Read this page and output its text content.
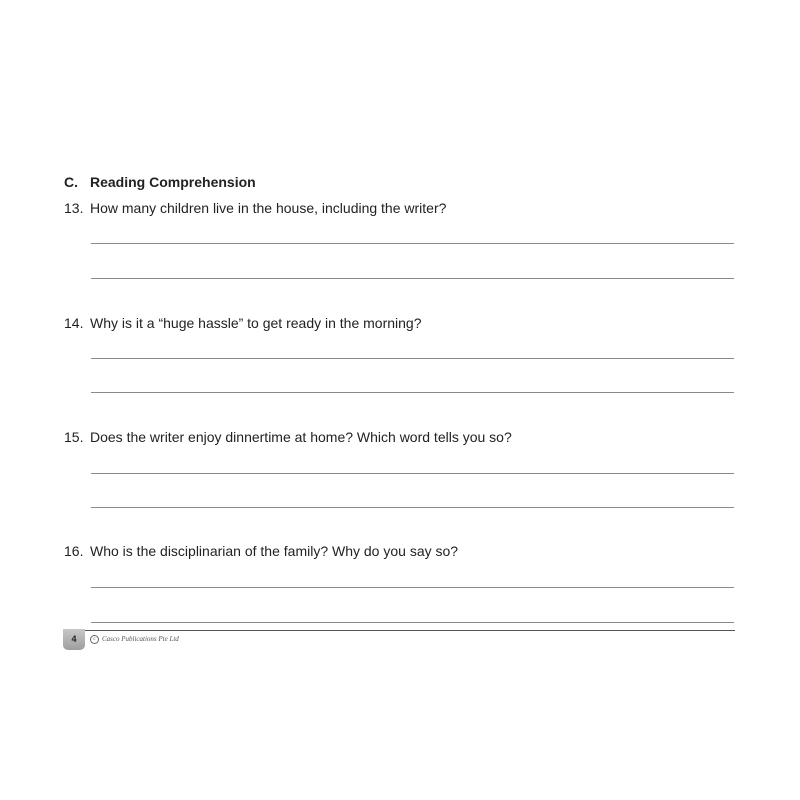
C. Reading Comprehension
13. How many children live in the house, including the writer?
14. Why is it a “huge hassle” to get ready in the morning?
15. Does the writer enjoy dinnertime at home? Which word tells you so?
16. Who is the disciplinarian of the family? Why do you say so?
4	c Casco Publications Pte Ltd
